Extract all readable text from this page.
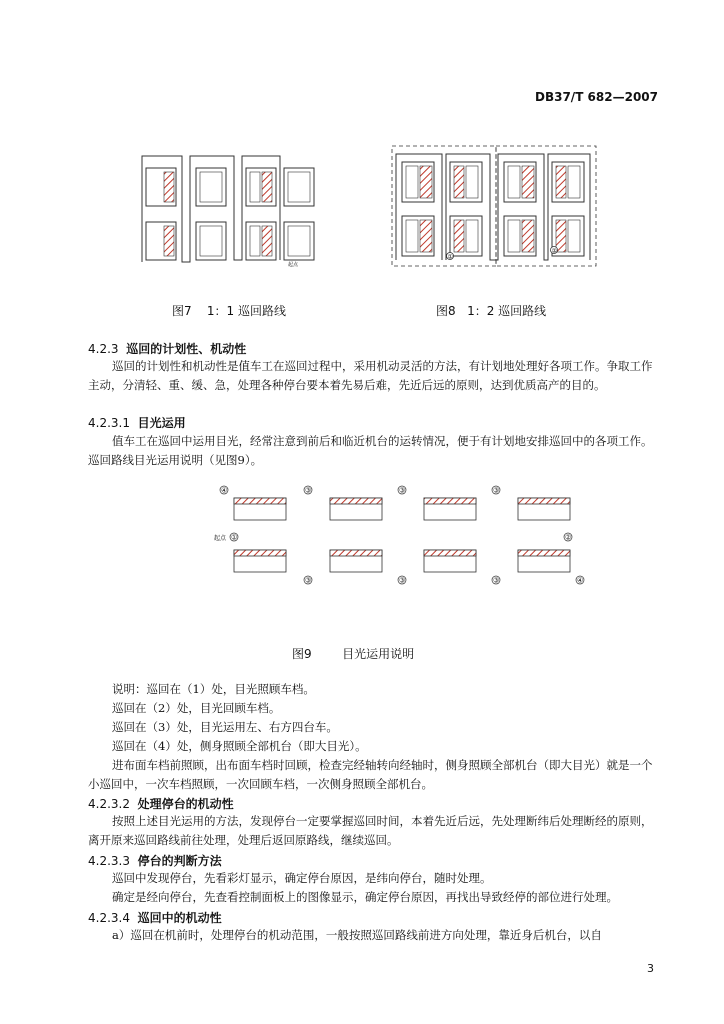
DB37/T 682—2007
起点
图7    1：1 巡回路线
①
②
图8   1：2 巡回路线
4.2.3 巡回的计划性、机动性
巡回的计划性和机动性是值车工在巡回过程中，采用机动灵活的方法，有计划地处理好各项工作。争取工作主动，分清轻、重、缓、急，处理各种停台要本着先易后难，先近后远的原则，达到优质高产的目的。
4.2.3.1 目光运用
值车工在巡回中运用目光，经常注意到前后和临近机台的运转情况，便于有计划地安排巡回中的各项工作。巡回路线目光运用说明（见图9）。
④	③	③	③
起点 ①	②
③	③	③	④
图9        目光运用说明
说明：巡回在（1）处，目光照顾车档。
巡回在（2）处，目光回顾车档。
巡回在（3）处，目光运用左、右方四台车。
巡回在（4）处，侧身照顾全部机台（即大目光）。
进布面车档前照顾，出布面车档时回顾，检查完经轴转向经轴时，侧身照顾全部机台（即大目光）就是一个小巡回中，一次车档照顾，一次回顾车档，一次侧身照顾全部机台。
4.2.3.2 处理停台的机动性
按照上述目光运用的方法，发现停台一定要掌握巡回时间，本着先近后远，先处理断纬后处理断经的原则，离开原来巡回路线前往处理，处理后返回原路线，继续巡回。
4.2.3.3 停台的判断方法
巡回中发现停台，先看彩灯显示，确定停台原因，是纬向停台，随时处理。
确定是经向停台，先查看控制面板上的图像显示，确定停台原因，再找出导致经停的部位进行处理。
4.2.3.4 巡回中的机动性
a）巡回在机前时，处理停台的机动范围，一般按照巡回路线前进方向处理，靠近身后机台，以自
3
